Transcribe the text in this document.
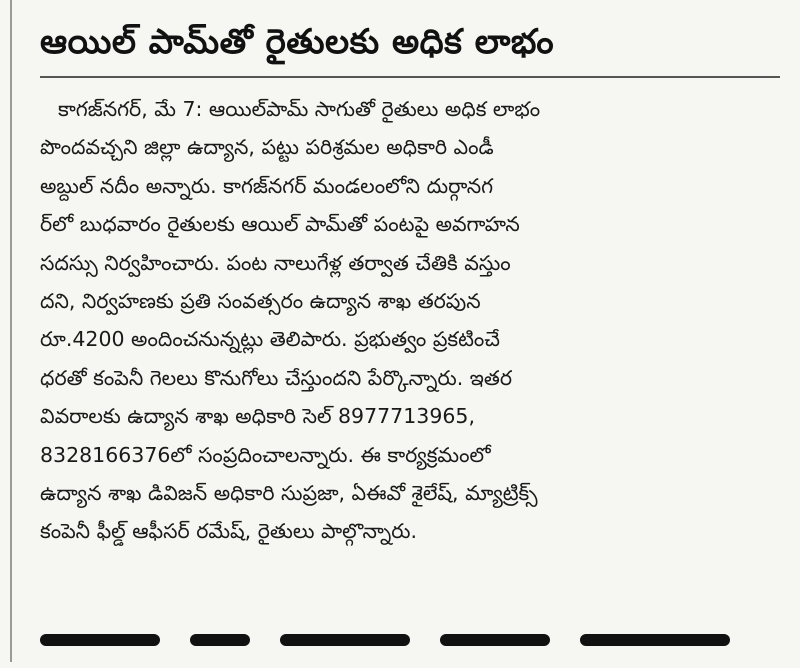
ఆయిల్‌ పామ్‌తో రైతులకు అధిక లాభం
కాగజ్‌నగర్‌, మే 7: ఆయిల్‌పామ్‌ సాగుతో రైతులు అధిక లాభం
పొందవచ్చని జిల్లా ఉద్యాన, పట్టు పరిశ్రమల అధికారి ఎండీ
అబ్దుల్‌ నదీం అన్నారు. కాగజ్‌నగర్‌ మండలంలోని దుర్గానగ
ర్‌లో బుధవారం రైతులకు ఆయిల్‌ పామ్‌తో పంటపై అవగాహన
సదస్సు నిర్వహించారు. పంట నాలుగేళ్ల తర్వాత చేతికి వస్తుం
దని, నిర్వహణకు ప్రతి సంవత్సరం ఉద్యాన శాఖ తరపున
రూ.4200 అందించనున్నట్లు తెలిపారు. ప్రభుత్వం ప్రకటించే
ధరతో కంపెనీ గెలలు కొనుగోలు చేస్తుందని పేర్కొన్నారు. ఇతర
వివరాలకు ఉద్యాన శాఖ అధికారి సెల్‌ 8977713965,
8328166376లో సంప్రదించాలన్నారు. ఈ కార్యక్రమంలో
ఉద్యాన శాఖ డివిజన్‌ అధికారి సుప్రజా, ఏఈవో శైలేష్‌, మ్యాట్రిక్స్‌
కంపెనీ ఫీల్డ్‌ ఆఫీసర్‌ రమేష్‌, రైతులు పాల్గొన్నారు.
